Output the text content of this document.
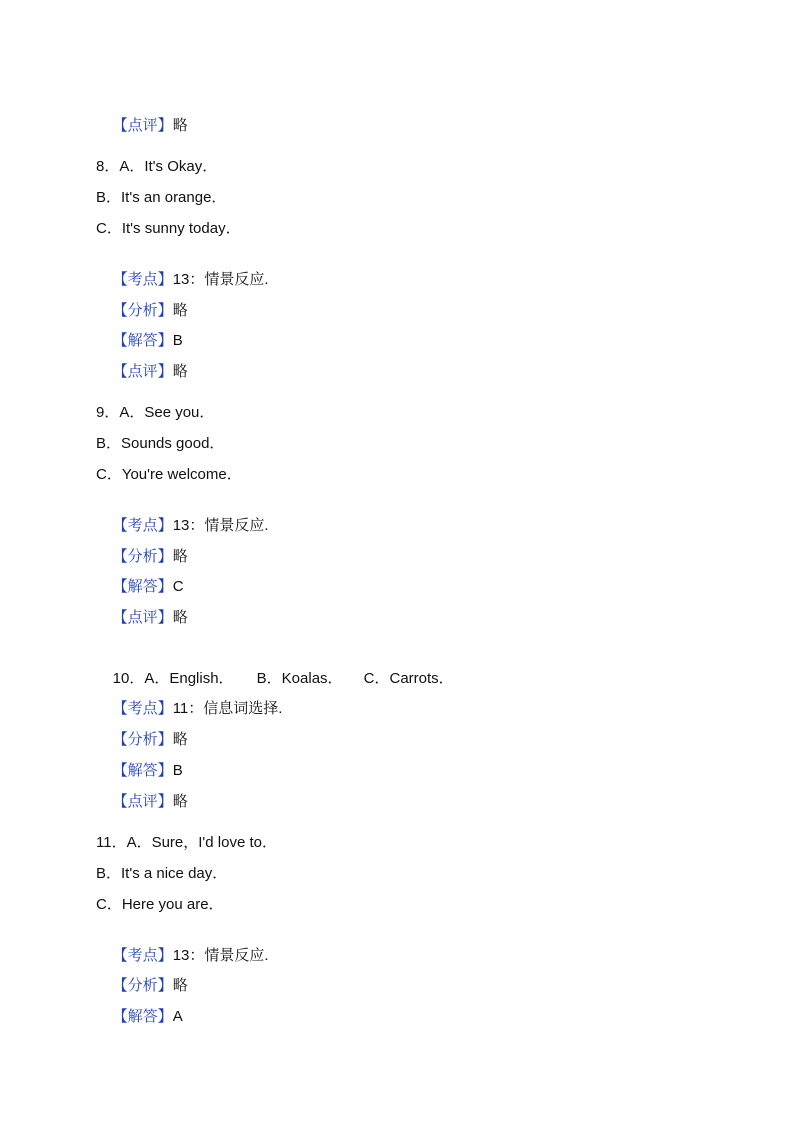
【点评】略

8．A．It's Okay．
B．It's an orange．
C．It's sunny today．

【考点】13：情景反应.

【分析】略

【解答】B

【点评】略

9．A．See you．
B．Sounds good．
C．You're welcome．

【考点】13：情景反应.

【分析】略

【解答】C

【点评】略

10．A．English． B．Koalas． C．Carrots．

【考点】11：信息词选择.

【分析】略

【解答】B

【点评】略

11．A．Sure，I'd love to．
B．It's a nice day．
C．Here you are．

【考点】13：情景反应.

【分析】略

【解答】A
